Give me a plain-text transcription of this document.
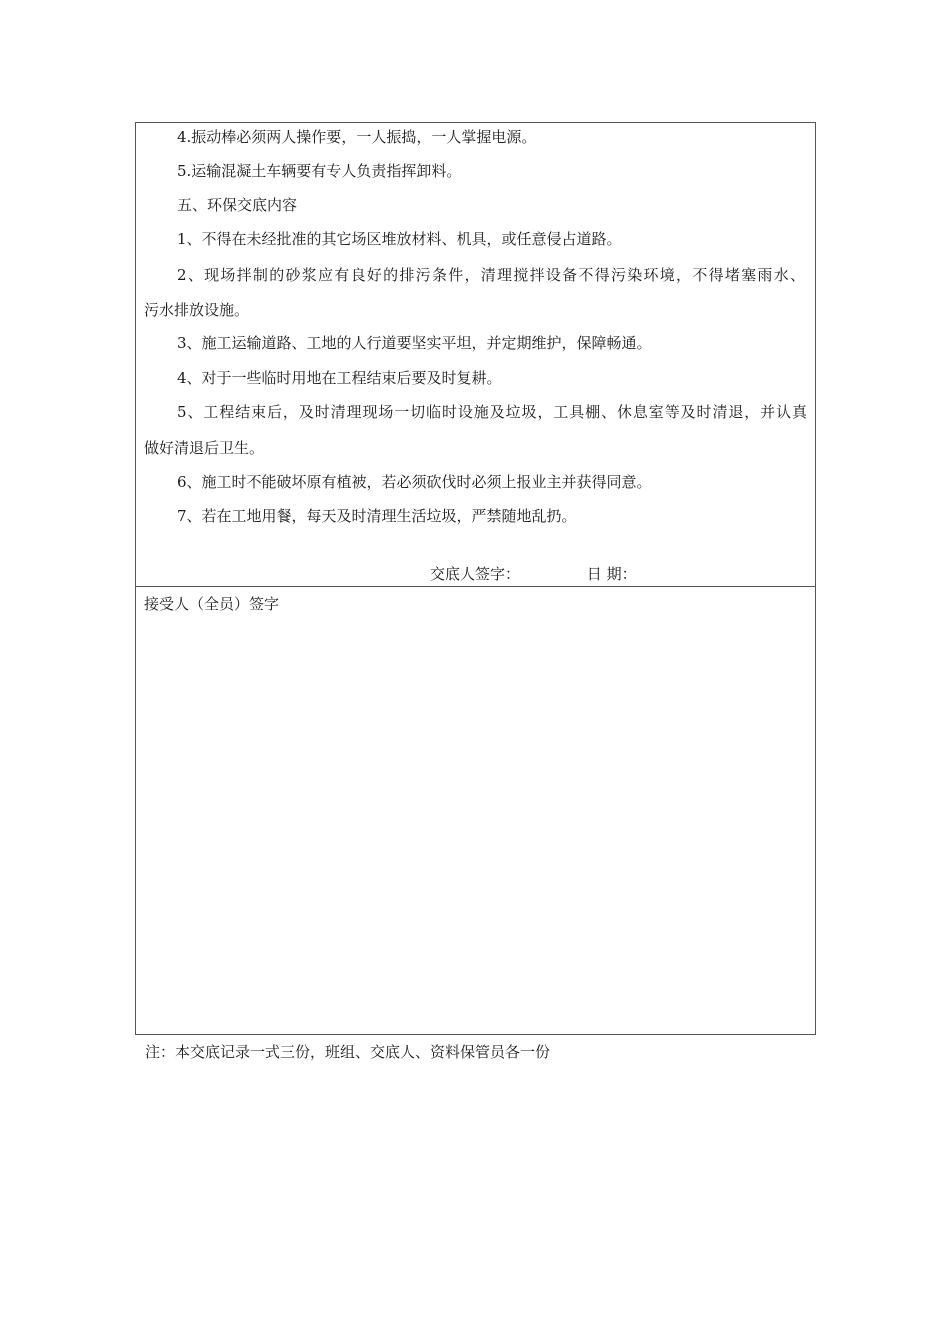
4.振动棒必须两人操作要，一人振捣，一人掌握电源。
5.运输混凝土车辆要有专人负责指挥卸料。
五、环保交底内容
1、不得在未经批准的其它场区堆放材料、机具，或任意侵占道路。
2、现场拌制的砂浆应有良好的排污条件，清理搅拌设备不得污染环境，不得堵塞雨水、
污水排放设施。
3、施工运输道路、工地的人行道要坚实平坦，并定期维护，保障畅通。
4、对于一些临时用地在工程结束后要及时复耕。
5、工程结束后，及时清理现场一切临时设施及垃圾，工具棚、休息室等及时清退，并认真
做好清退后卫生。
6、施工时不能破坏原有植被，若必须砍伐时必须上报业主并获得同意。
7、若在工地用餐，每天及时清理生活垃圾，严禁随地乱扔。
交底人签字：	日 期：
接受人（全员）签字
注：本交底记录一式三份，班组、交底人、资料保管员各一份
